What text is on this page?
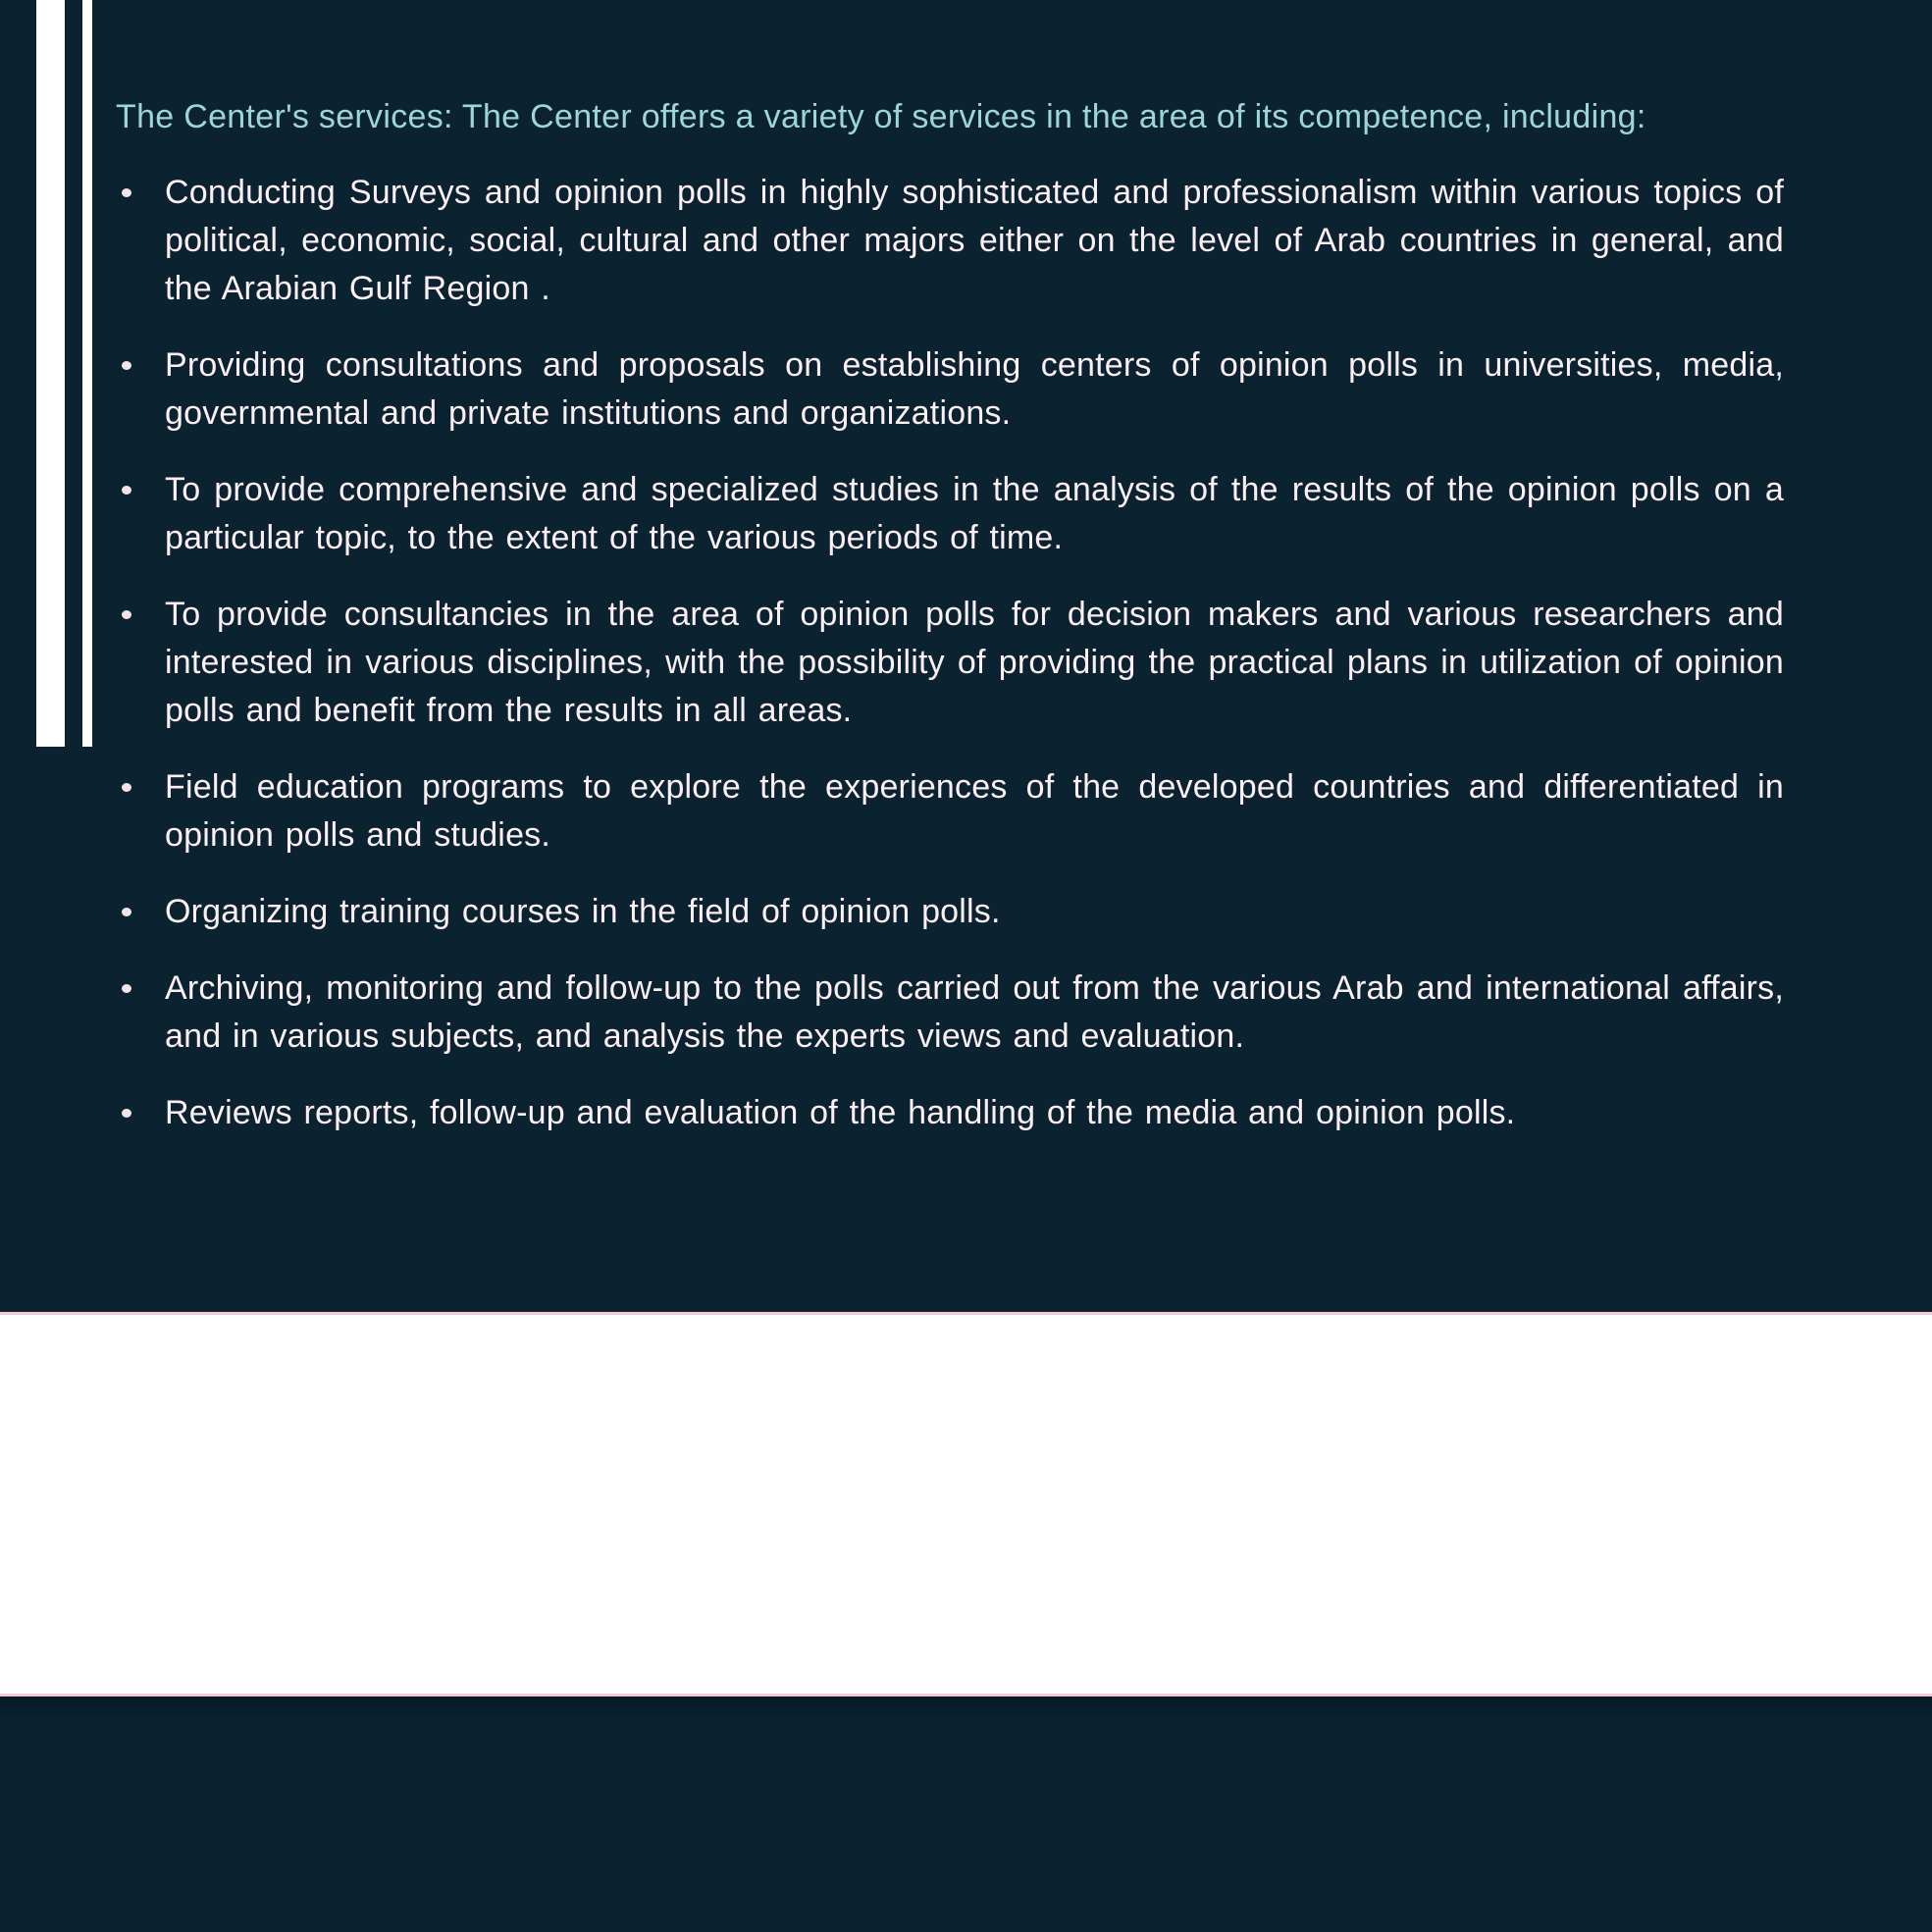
The Center's services: The Center offers a variety of services in the area of its competence, including:
Conducting Surveys and opinion polls in highly sophisticated and professionalism within various topics of political, economic, social, cultural and other majors either on the level of Arab countries in general, and the Arabian Gulf Region .
Providing consultations and proposals on establishing centers of opinion polls in universities, media, governmental and private institutions and organizations.
To provide comprehensive and specialized studies in the analysis of the results of the opinion polls on a particular topic, to the extent of the various periods of time.
To provide consultancies in the area of opinion polls for decision makers and various researchers and interested in various disciplines, with the possibility of providing the practical plans in utilization of opinion polls and benefit from the results in all areas.
Field education programs to explore the experiences of the developed countries and differentiated in opinion polls and studies.
Organizing training courses in the field of opinion polls.
Archiving, monitoring and follow-up to the polls carried out from the various Arab and international affairs, and in various subjects, and analysis the experts views and evaluation.
Reviews reports, follow-up and evaluation of the handling of the media and opinion polls.
